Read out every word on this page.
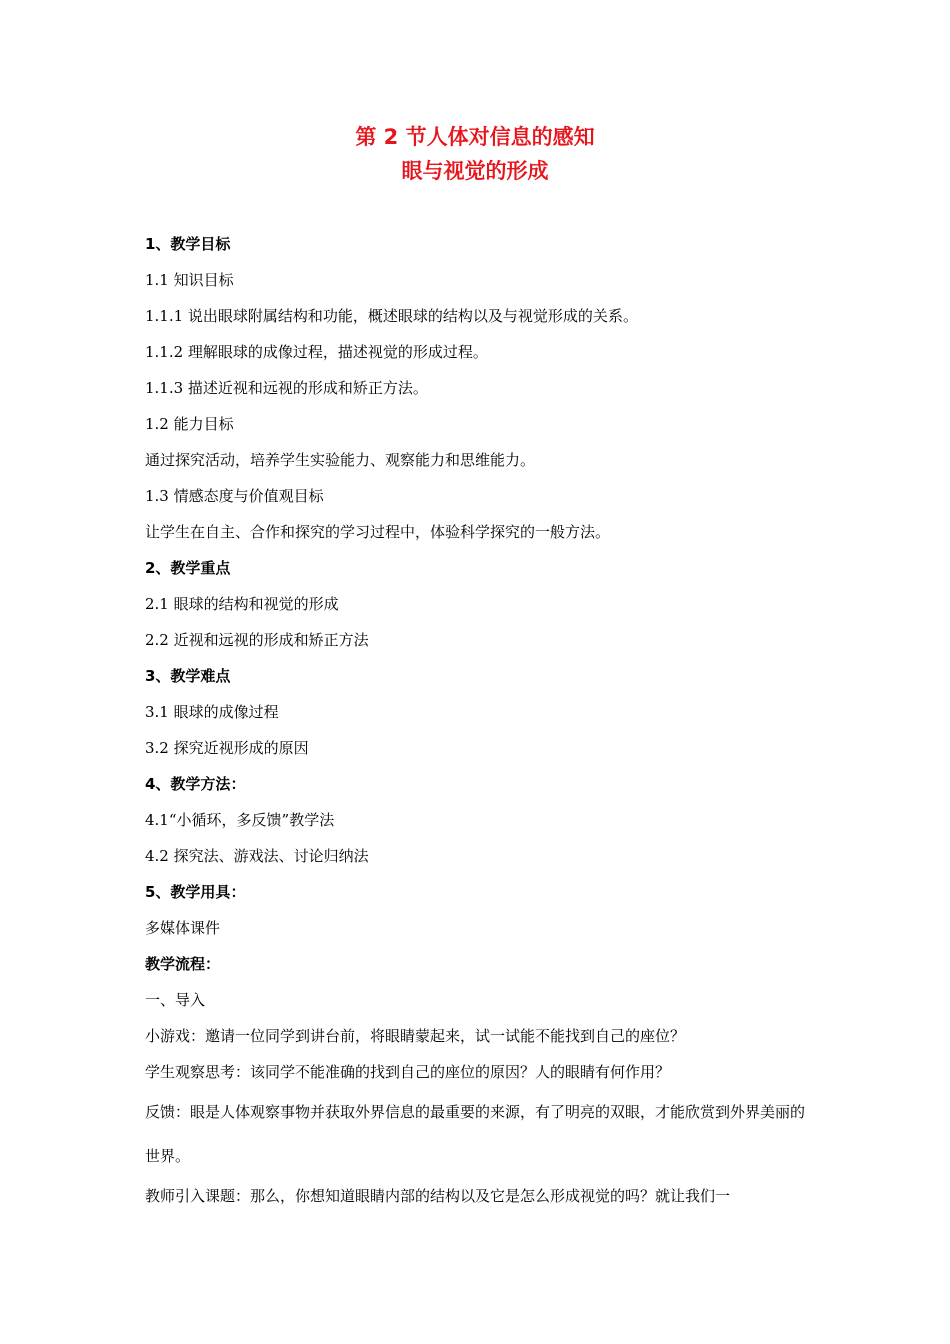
第 2 节人体对信息的感知
眼与视觉的形成
1、教学目标
1.1 知识目标
1.1.1 说出眼球附属结构和功能，概述眼球的结构以及与视觉形成的关系。
1.1.2 理解眼球的成像过程，描述视觉的形成过程。
1.1.3 描述近视和远视的形成和矫正方法。
1.2 能力目标
通过探究活动，培养学生实验能力、观察能力和思维能力。
1.3 情感态度与价值观目标
让学生在自主、合作和探究的学习过程中，体验科学探究的一般方法。
2、教学重点
2.1 眼球的结构和视觉的形成
2.2 近视和远视的形成和矫正方法
3、教学难点
3.1 眼球的成像过程
3.2 探究近视形成的原因
4、教学方法：
4.1“小循环，多反馈”教学法
4.2 探究法、游戏法、讨论归纳法
5、教学用具：
多媒体课件
教学流程：
一、导入
小游戏：邀请一位同学到讲台前，将眼睛蒙起来，试一试能不能找到自己的座位？
学生观察思考：该同学不能准确的找到自己的座位的原因？人的眼睛有何作用？
反馈：眼是人体观察事物并获取外界信息的最重要的来源，有了明亮的双眼，才能欣赏到外界美丽的世界。
教师引入课题：那么，你想知道眼睛内部的结构以及它是怎么形成视觉的吗？就让我们一
